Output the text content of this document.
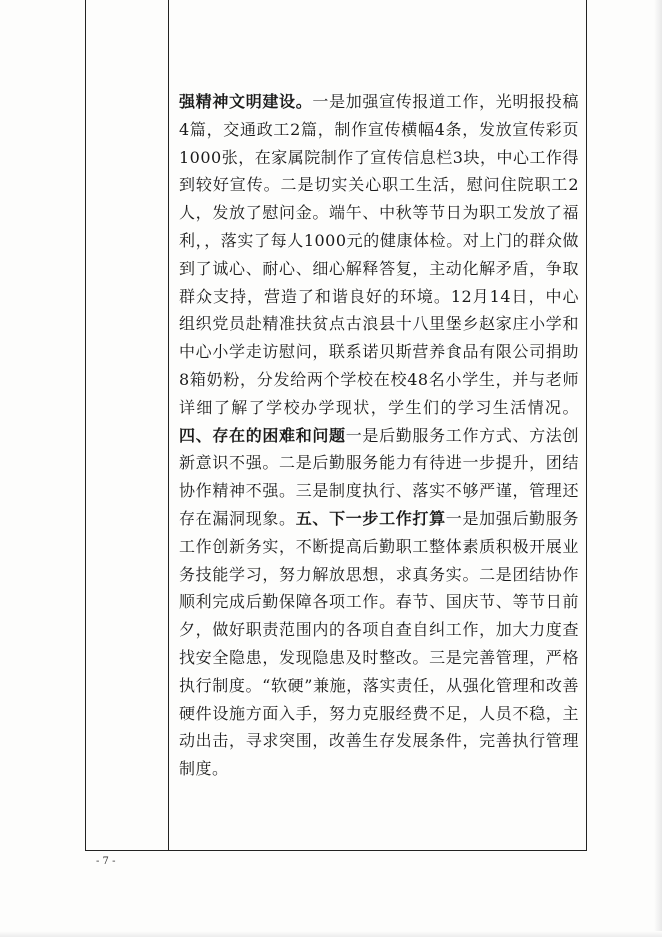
强精神文明建设。一是加强宣传报道工作，光明报投稿4篇，交通政工2篇，制作宣传横幅4条，发放宣传彩页1000张，在家属院制作了宣传信息栏3块，中心工作得到较好宣传。二是切实关心职工生活，慰问住院职工2人，发放了慰问金。端午、中秋等节日为职工发放了福利，，落实了每人1000元的健康体检。对上门的群众做到了诚心、耐心、细心解释答复，主动化解矛盾，争取群众支持，营造了和谐良好的环境。12月14日，中心组织党员赴精准扶贫点古浪县十八里堡乡赵家庄小学和中心小学走访慰问，联系诺贝斯营养食品有限公司捐助8箱奶粉，分发给两个学校在校48名小学生，并与老师详细了解了学校办学现状，学生们的学习生活情况。四、存在的困难和问题一是后勤服务工作方式、方法创新意识不强。二是后勤服务能力有待进一步提升，团结协作精神不强。三是制度执行、落实不够严谨，管理还存在漏洞现象。五、下一步工作打算一是加强后勤服务工作创新务实，不断提高后勤职工整体素质积极开展业务技能学习，努力解放思想，求真务实。二是团结协作顺利完成后勤保障各项工作。春节、国庆节、等节日前夕，做好职责范围内的各项自查自纠工作，加大力度查找安全隐患，发现隐患及时整改。三是完善管理，严格执行制度。“软硬”兼施，落实责任，从强化管理和改善硬件设施方面入手，努力克服经费不足，人员不稳，主动出击，寻求突围，改善生存发展条件，完善执行管理制度。

- 7 -
